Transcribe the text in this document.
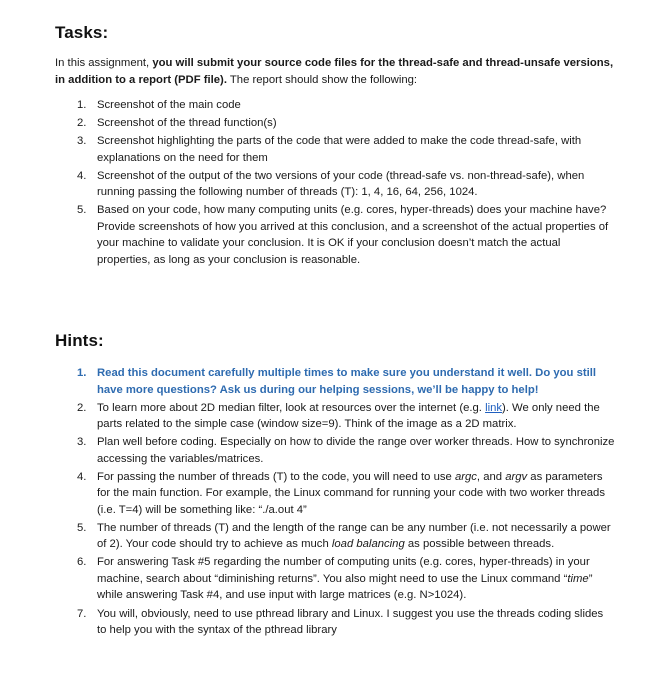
Tasks:

In this assignment, you will submit your source code files for the thread-safe and thread-unsafe versions, in addition to a report (PDF file). The report should show the following:

1. Screenshot of the main code
2. Screenshot of the thread function(s)
3. Screenshot highlighting the parts of the code that were added to make the code thread-safe, with explanations on the need for them
4. Screenshot of the output of the two versions of your code (thread-safe vs. non-thread-safe), when running passing the following number of threads (T): 1, 4, 16, 64, 256, 1024.
5. Based on your code, how many computing units (e.g. cores, hyper-threads) does your machine have? Provide screenshots of how you arrived at this conclusion, and a screenshot of the actual properties of your machine to validate your conclusion. It is OK if your conclusion doesn’t match the actual properties, as long as your conclusion is reasonable.
Hints:
1. Read this document carefully multiple times to make sure you understand it well. Do you still have more questions? Ask us during our helping sessions, we’ll be happy to help!
2. To learn more about 2D median filter, look at resources over the internet (e.g. link). We only need the parts related to the simple case (window size=9). Think of the image as a 2D matrix.
3. Plan well before coding. Especially on how to divide the range over worker threads. How to synchronize accessing the variables/matrices.
4. For passing the number of threads (T) to the code, you will need to use argc, and argv as parameters for the main function. For example, the Linux command for running your code with two worker threads (i.e. T=4) will be something like: “./a.out 4”
5. The number of threads (T) and the length of the range can be any number (i.e. not necessarily a power of 2). Your code should try to achieve as much load balancing as possible between threads.
6. For answering Task #5 regarding the number of computing units (e.g. cores, hyper-threads) in your machine, search about “diminishing returns”. You also might need to use the Linux command “time” while answering Task #4, and use input with large matrices (e.g. N>1024).
7. You will, obviously, need to use pthread library and Linux. I suggest you use the threads coding slides to help you with the syntax of the pthread library
